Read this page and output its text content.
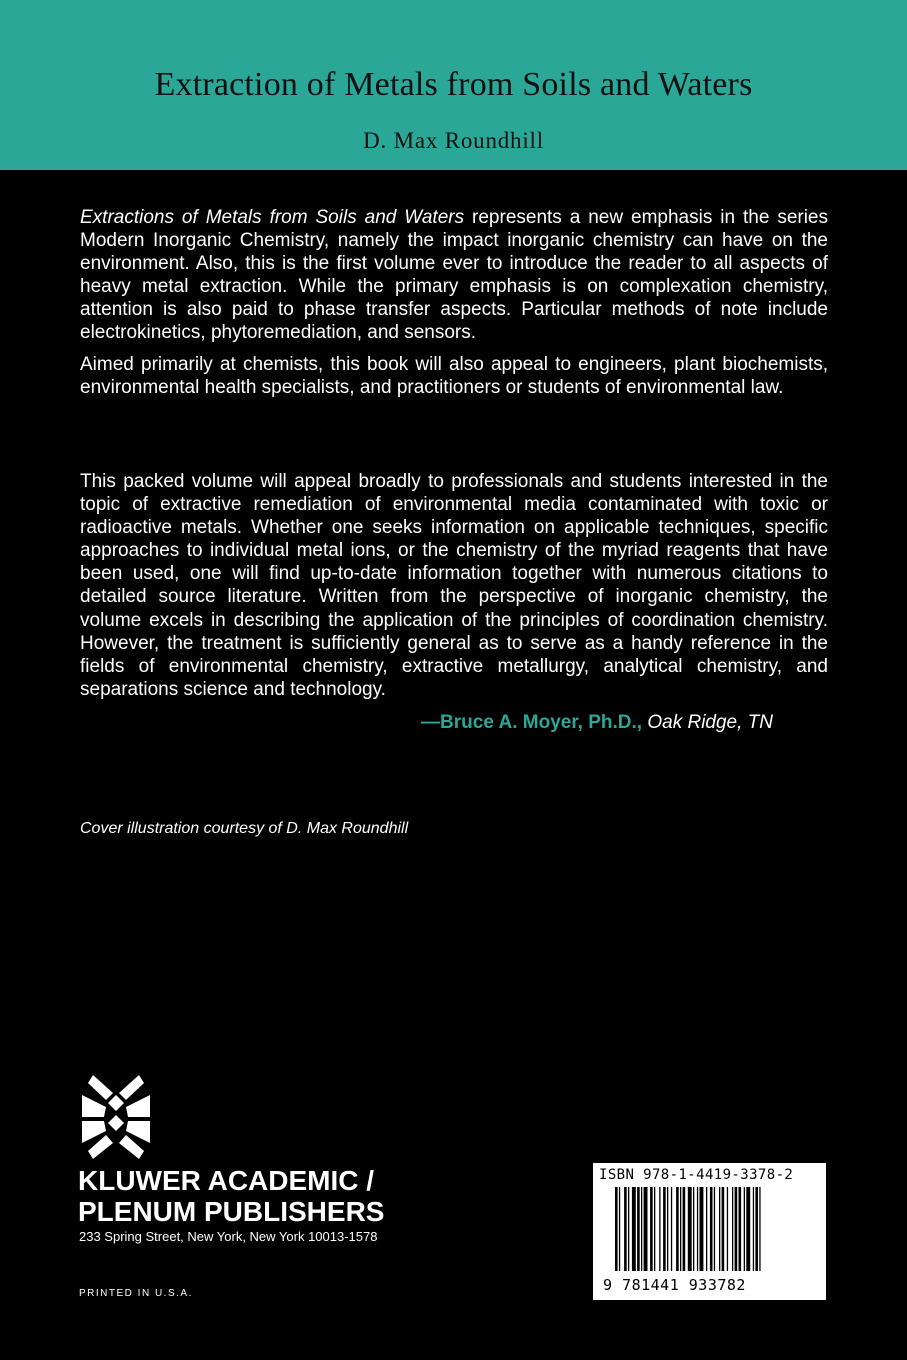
Extraction of Metals from Soils and Waters
D. Max Roundhill

Extractions of Metals from Soils and Waters represents a new emphasis in the series Modern Inorganic Chemistry, namely the impact inorganic chemistry can have on the environment. Also, this is the first volume ever to introduce the reader to all aspects of heavy metal extraction. While the primary emphasis is on complexation chemistry, attention is also paid to phase transfer aspects. Particular methods of note include electrokinetics, phytoremediation, and sensors.

Aimed primarily at chemists, this book will also appeal to engineers, plant biochemists, environmental health specialists, and practitioners or students of environmental law.

This packed volume will appeal broadly to professionals and students interested in the topic of extractive remediation of environmental media contaminated with toxic or radioactive metals. Whether one seeks information on applicable techniques, specific approaches to individual metal ions, or the chemistry of the myriad reagents that have been used, one will find up-to-date information together with numerous citations to detailed source literature. Written from the perspective of inorganic chemistry, the volume excels in describing the application of the principles of coordination chemistry. However, the treatment is sufficiently general as to serve as a handy reference in the fields of environmental chemistry, extractive metallurgy, analytical chemistry, and separations science and technology.

—Bruce A. Moyer, Ph.D., Oak Ridge, TN
Cover illustration courtesy of D. Max Roundhill
KLUWER ACADEMIC /
PLENUM PUBLISHERS
233 Spring Street, New York, New York 10013-1578
PRINTED IN U.S.A.
ISBN 978-1-4419-3378-2
9 781441 933782
